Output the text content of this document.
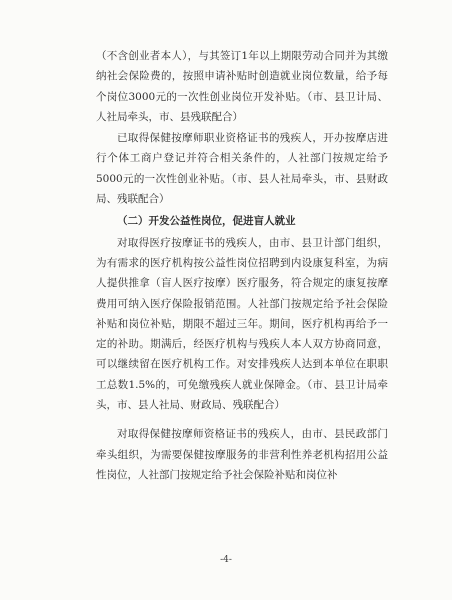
（不含创业者本人），与其签订1年以上期限劳动合同并为其缴纳社会保险费的，按照申请补贴时创造就业岗位数量，给予每个岗位3000元的一次性创业岗位开发补贴。（市、县卫计局、人社局牵头，市、县残联配合）

已取得保健按摩师职业资格证书的残疾人，开办按摩店进行个体工商户登记并符合相关条件的，人社部门按规定给予5000元的一次性创业补贴。（市、县人社局牵头，市、县财政局、残联配合）

（二）开发公益性岗位，促进盲人就业

对取得医疗按摩证书的残疾人，由市、县卫计部门组织，为有需求的医疗机构按公益性岗位招聘到内设康复科室，为病人提供推拿（盲人医疗按摩）医疗服务，符合规定的康复按摩费用可纳入医疗保险报销范围。人社部门按规定给予社会保险补贴和岗位补贴，期限不超过三年。期间，医疗机构再给予一定的补助。期满后，经医疗机构与残疾人本人双方协商同意，可以继续留在医疗机构工作。对安排残疾人达到本单位在职职工总数1.5%的，可免缴残疾人就业保障金。（市、县卫计局牵头，市、县人社局、财政局、残联配合）

对取得保健按摩师资格证书的残疾人，由市、县民政部门牵头组织，为需要保健按摩服务的非营利性养老机构招用公益性岗位，人社部门按规定给予社会保险补贴和岗位补

-4-
